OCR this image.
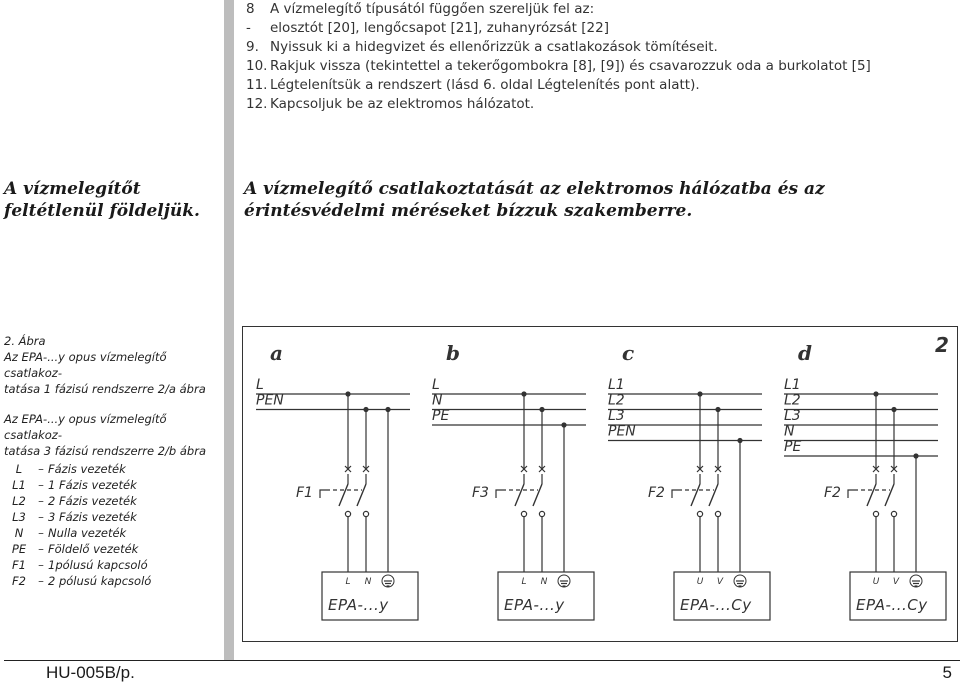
8 A vízmelegítő típusától függően szereljük fel az:
- elosztót [20], lengőcsapot [21], zuhanyrózsát [22]
9. Nyissuk ki a hidegvizet és ellenőrizzük a csatlakozások tömítéseit.
10. Rakjuk vissza (tekintettel a tekerőgombokra [8], [9]) és csavarozzuk oda a burkolatot [5]
11. Légtelenítsük a rendszert (lásd 6. oldal Légtelenítés pont alatt).
12. Kapcsoljuk be az elektromos hálózatot.
A vízmelegítőt feltétlenül földeljük.
A vízmelegítő csatlakoztatását az elektromos hálózatba és az érintésvédelmi méréseket bízzuk szakemberre.
2. Ábra
Az EPA-...y opus vízmelegítő csatlakoz-
tatása 1 fázisú rendszerre 2/a ábra
Az EPA-...y opus vízmelegítő csatlakoz-
tatása 3 fázisú rendszerre 2/b ábra
L	– Fázis vezeték
L1	– 1 Fázis vezeték
L2	– 2 Fázis vezeték
L3	– 3 Fázis vezeték
N	– Nulla vezeték
PE	– Földelő vezeték
F1	– 1pólusú kapcsoló
F2	– 2 pólusú kapcsoló
2
a
L
PEN
F1
L N
EPA-...y
b
L
N
PE
F3
L N
EPA-...y
c
L1
L2
L3
PEN
F2
U V
EPA-...Cy
d
L1
L2
L3
N
PE
F2
U V
EPA-...Cy
HU-005B/p.	5
